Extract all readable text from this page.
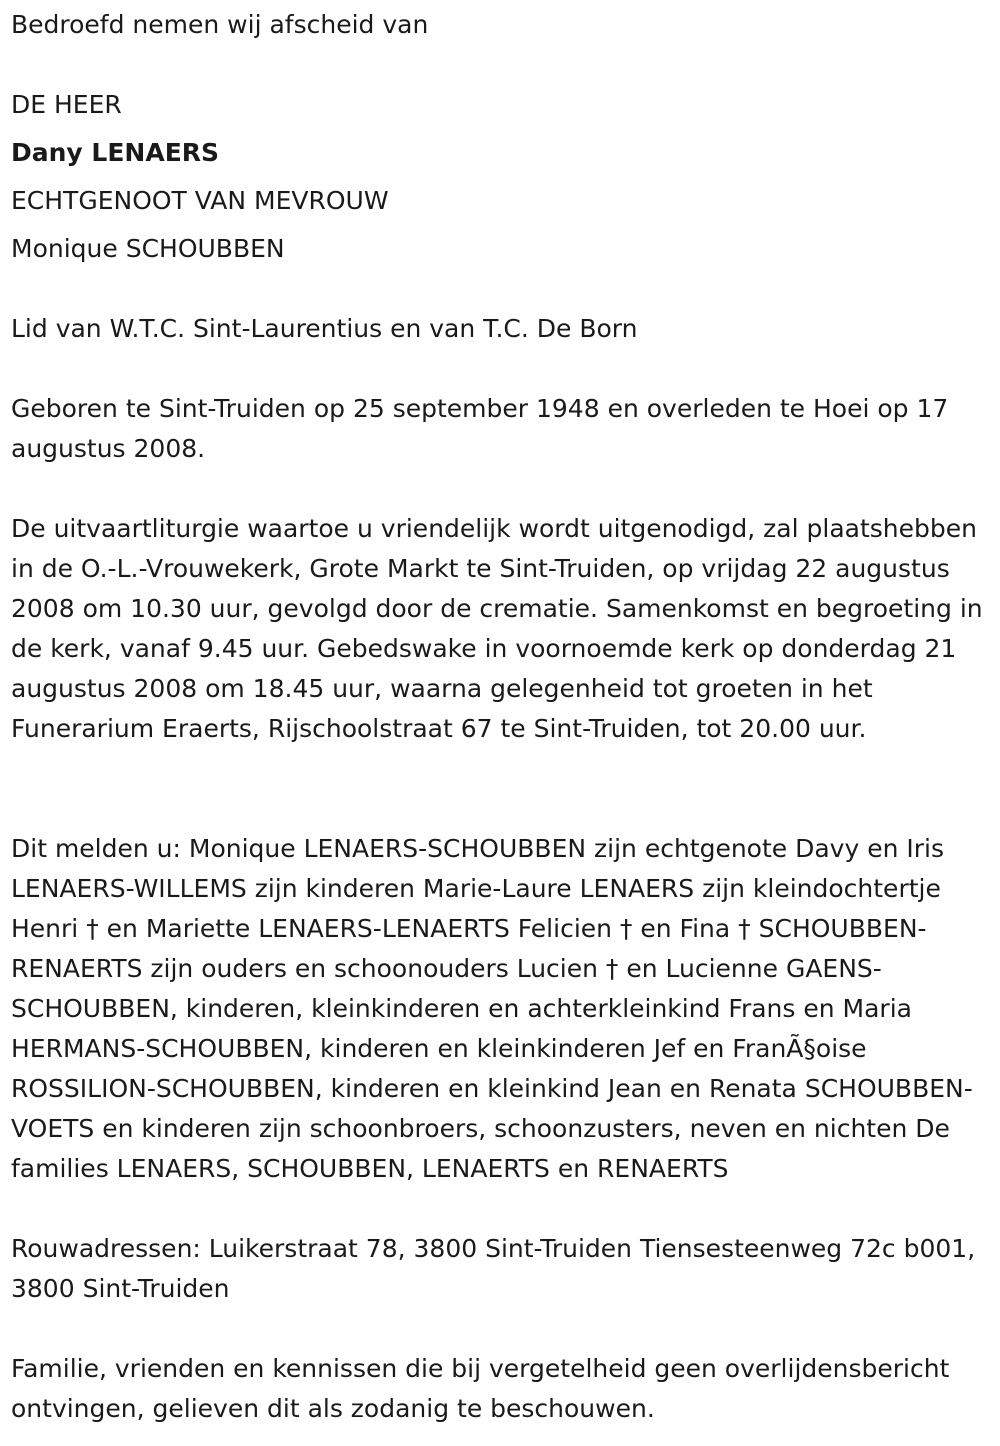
Bedroefd nemen wij afscheid van
DE HEER
Dany LENAERS
ECHTGENOOT VAN MEVROUW
Monique SCHOUBBEN
Lid van W.T.C. Sint-Laurentius en van T.C. De Born
Geboren te Sint-Truiden op 25 september 1948 en overleden te Hoei op 17 augustus 2008.
De uitvaartliturgie waartoe u vriendelijk wordt uitgenodigd, zal plaatshebben in de O.-L.-Vrouwekerk, Grote Markt te Sint-Truiden, op vrijdag 22 augustus 2008 om 10.30 uur, gevolgd door de crematie. Samenkomst en begroeting in de kerk, vanaf 9.45 uur. Gebedswake in voornoemde kerk op donderdag 21 augustus 2008 om 18.45 uur, waarna gelegenheid tot groeten in het Funerarium Eraerts, Rijschoolstraat 67 te Sint-Truiden, tot 20.00 uur.
Dit melden u: Monique LENAERS-SCHOUBBEN zijn echtgenote Davy en Iris LENAERS-WILLEMS zijn kinderen Marie-Laure LENAERS zijn kleindochtertje Henri † en Mariette LENAERS-LENAERTS Felicien † en Fina † SCHOUBBEN-RENAERTS zijn ouders en schoonouders Lucien † en Lucienne GAENS-SCHOUBBEN, kinderen, kleinkinderen en achterkleinkind Frans en Maria HERMANS-SCHOUBBEN, kinderen en kleinkinderen Jef en FranÃ§oise ROSSILION-SCHOUBBEN, kinderen en kleinkind Jean en Renata SCHOUBBEN-VOETS en kinderen zijn schoonbroers, schoonzusters, neven en nichten De families LENAERS, SCHOUBBEN, LENAERTS en RENAERTS
Rouwadressen: Luikerstraat 78, 3800 Sint-Truiden Tiensesteenweg 72c b001, 3800 Sint-Truiden
Familie, vrienden en kennissen die bij vergetelheid geen overlijdensbericht ontvingen, gelieven dit als zodanig te beschouwen.
